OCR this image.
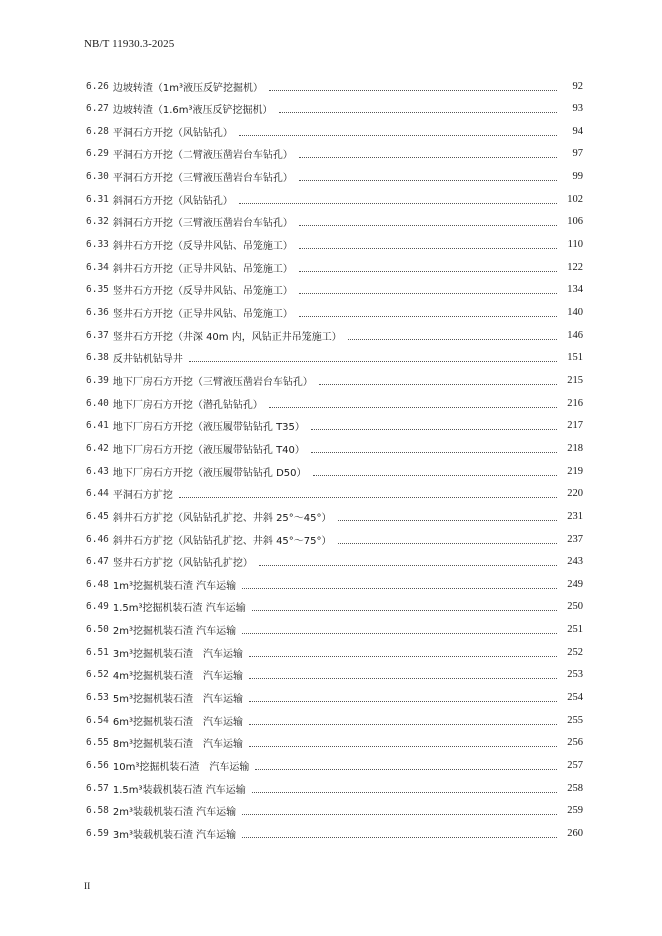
NB/T 11930.3-2025
6.26 边坡转渣（1m³液压反铲挖掘机）	92
6.27 边坡转渣（1.6m³液压反铲挖掘机）	93
6.28 平洞石方开挖（风钻钻孔）	94
6.29 平洞石方开挖（二臂液压凿岩台车钻孔）	97
6.30 平洞石方开挖（三臂液压凿岩台车钻孔）	99
6.31 斜洞石方开挖（风钻钻孔）	102
6.32 斜洞石方开挖（三臂液压凿岩台车钻孔）	106
6.33 斜井石方开挖（反导井风钻、吊笼施工）	110
6.34 斜井石方开挖（正导井风钻、吊笼施工）	122
6.35 竖井石方开挖（反导井风钻、吊笼施工）	134
6.36 竖井石方开挖（正导井风钻、吊笼施工）	140
6.37 竖井石方开挖（井深 40m 内，风钻正井吊笼施工）	146
6.38 反井钻机钻导井	151
6.39 地下厂房石方开挖（三臂液压凿岩台车钻孔）	215
6.40 地下厂房石方开挖（潜孔钻钻孔）	216
6.41 地下厂房石方开挖（液压履带钻钻孔 T35）	217
6.42 地下厂房石方开挖（液压履带钻钻孔 T40）	218
6.43 地下厂房石方开挖（液压履带钻钻孔 D50）	219
6.44 平洞石方扩挖	220
6.45 斜井石方扩挖（风钻钻孔扩挖、井斜 25°～45°）	231
6.46 斜井石方扩挖（风钻钻孔扩挖、井斜 45°～75°）	237
6.47 竖井石方扩挖（风钻钻孔扩挖）	243
6.48 1m³挖掘机装石渣 汽车运输	249
6.49 1.5m³挖掘机装石渣 汽车运输	250
6.50 2m³挖掘机装石渣 汽车运输	251
6.51 3m³挖掘机装石渣　汽车运输	252
6.52 4m³挖掘机装石渣　汽车运输	253
6.53 5m³挖掘机装石渣　汽车运输	254
6.54 6m³挖掘机装石渣　汽车运输	255
6.55 8m³挖掘机装石渣　汽车运输	256
6.56 10m³挖掘机装石渣　汽车运输	257
6.57 1.5m³装载机装石渣 汽车运输	258
6.58 2m³装载机装石渣 汽车运输	259
6.59 3m³装载机装石渣 汽车运输	260
II
